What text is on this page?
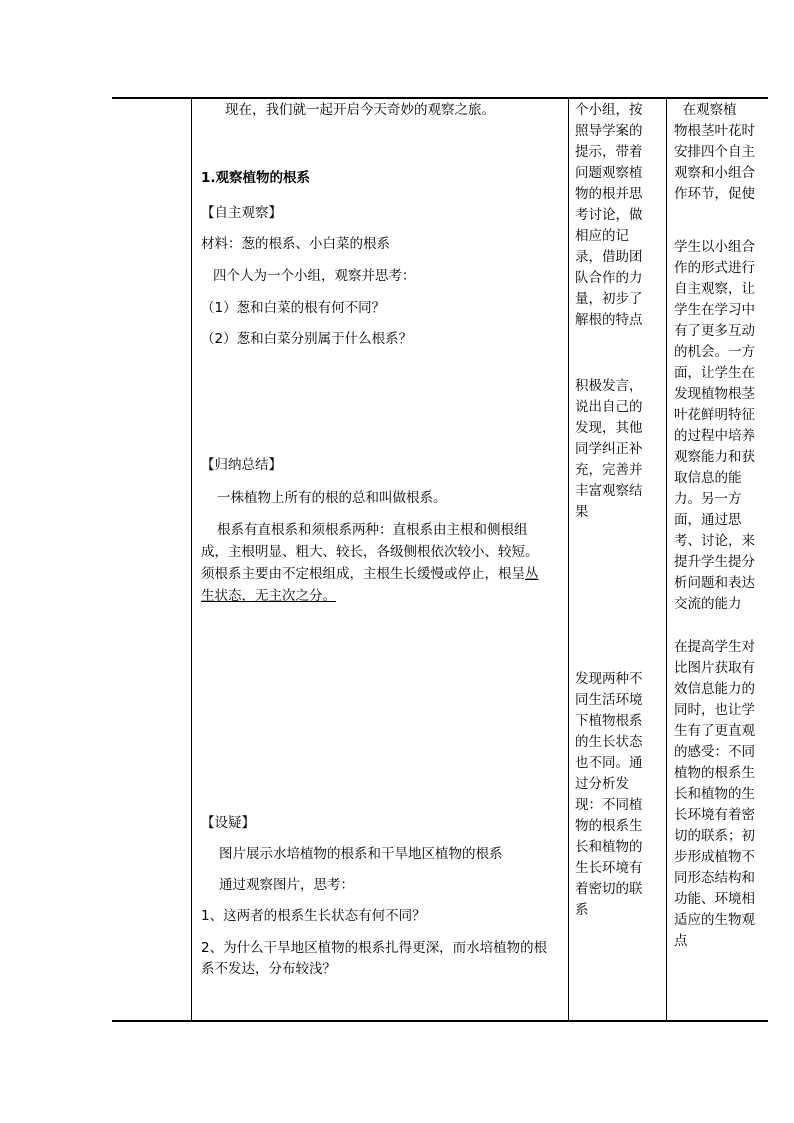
现在，我们就一起开启今天奇妙的观察之旅。

1.观察植物的根系

【自主观察】

材料：葱的根系、小白菜的根系

四个人为一个小组，观察并思考：

（1）葱和白菜的根有何不同？

（2）葱和白菜分别属于什么根系？

【归纳总结】

一株植物上所有的根的总和叫做根系。

根系有直根系和须根系两种：直根系由主根和侧根组

成，主根明显、粗大、较长，各级侧根依次较小、较短。

须根系主要由不定根组成，主根生长缓慢或停止，根呈丛

生状态，无主次之分。

【设疑】

图片展示水培植物的根系和干旱地区植物的根系

通过观察图片，思考：

1、这两者的根系生长状态有何不同？

2、为什么干旱地区植物的根系扎得更深，而水培植物的根

系不发达，分布较浅？

个小组，按
照导学案的
提示，带着
问题观察植
物的根并思
考讨论，做
相应的记
录，借助团
队合作的力
量，初步了
解根的特点

积极发言，
说出自己的
发现，其他
同学纠正补
充，完善并
丰富观察结
果

发现两种不
同生活环境
下植物根系
的生长状态
也不同。通
过分析发
现：不同植
物的根系生
长和植物的
生长环境有
着密切的联
系

在观察植
物根茎叶花时
安排四个自主
观察和小组合
作环节，促使

学生以小组合
作的形式进行
自主观察，让
学生在学习中
有了更多互动
的机会。一方
面，让学生在
发现植物根茎
叶花鲜明特征
的过程中培养
观察能力和获
取信息的能
力。另一方
面，通过思
考、讨论，来
提升学生提分
析问题和表达
交流的能力

在提高学生对
比图片获取有
效信息能力的
同时，也让学
生有了更直观
的感受：不同
植物的根系生
长和植物的生
长环境有着密
切的联系；初
步形成植物不
同形态结构和
功能、环境相
适应的生物观
点
